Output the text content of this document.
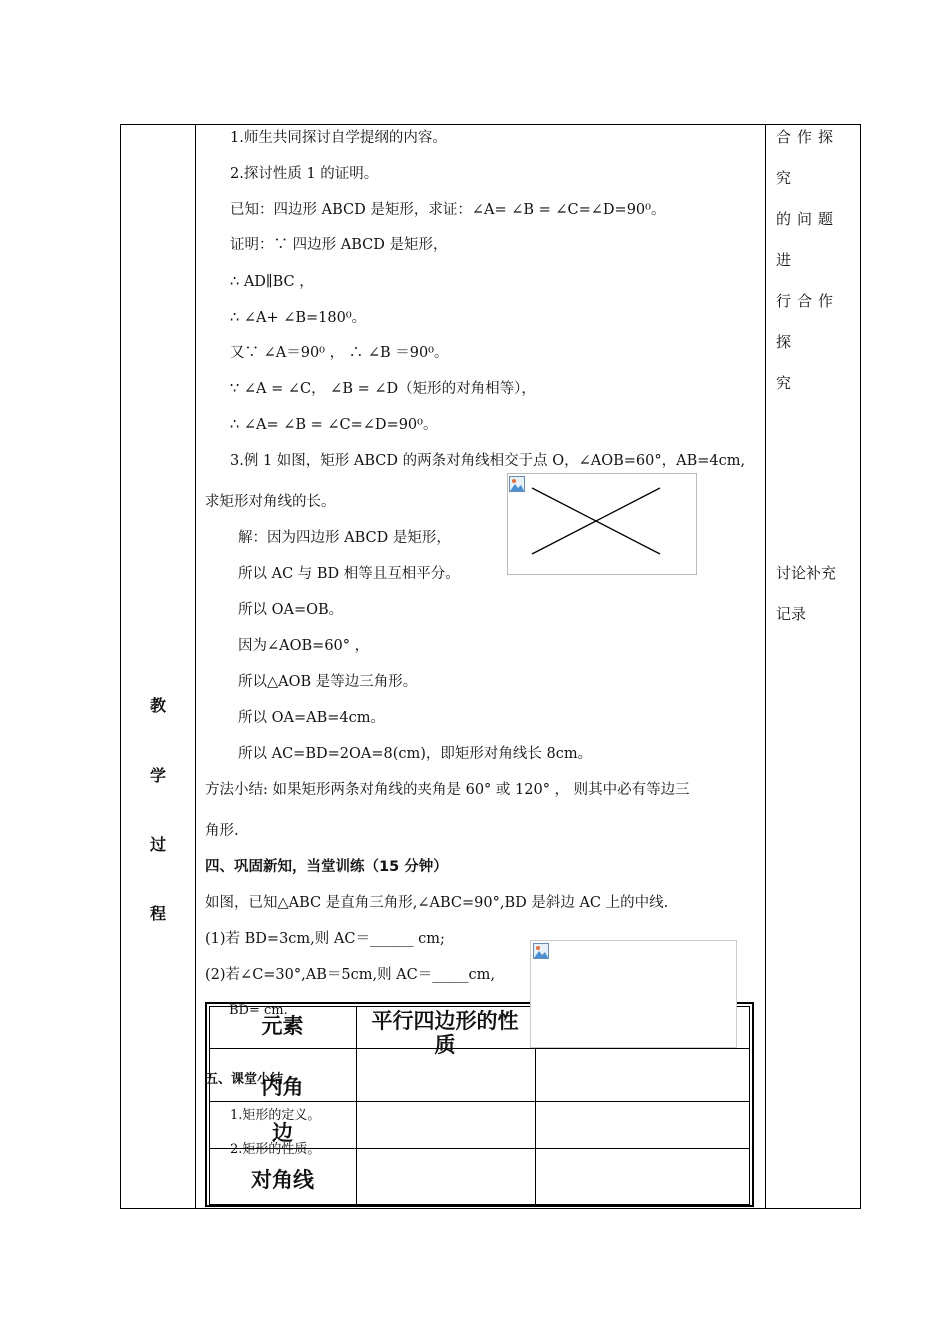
教
学
过
程
1.师生共同探讨自学提纲的内容。
2.探讨性质 1 的证明。
已知：四边形 ABCD 是矩形，求证：∠A= ∠B = ∠C=∠D=90⁰。
证明：∵ 四边形 ABCD 是矩形，
∴ AD∥BC ，
∴ ∠A+ ∠B=180⁰。
又∵ ∠A＝90⁰ ， ∴ ∠B ＝90⁰。
∵ ∠A = ∠C， ∠B = ∠D（矩形的对角相等），
∴ ∠A= ∠B = ∠C=∠D=90⁰。
3.例 1 如图，矩形 ABCD 的两条对角线相交于点 O，∠AOB=60°，AB=4cm,
求矩形对角线的长。
解：因为四边形 ABCD 是矩形，
所以 AC 与 BD 相等且互相平分。
所以 OA=OB。
因为∠AOB=60° ，
所以△AOB 是等边三角形。
所以 OA=AB=4cm。
所以 AC=BD=2OA=8(cm)，即矩形对角线长 8cm。
方法小结: 如果矩形两条对角线的夹角是 60° 或 120° ， 则其中必有等边三
角形.
四、巩固新知，当堂训练（15 分钟）
如图，已知△ABC 是直角三角形,∠ABC=90°,BD 是斜边 AC 上的中线.
(1)若 BD=3cm,则 AC＝______ cm;
(2)若∠C=30°,AB＝5cm,则 AC＝_____cm,
元素	平行四边形的性质
内角
边
对角线
BD= cm.
五、课堂小结
1.矩形的定义。
2.矩形的性质。
合作探究
的问题进
行合作探
究
讨论补充
记录
